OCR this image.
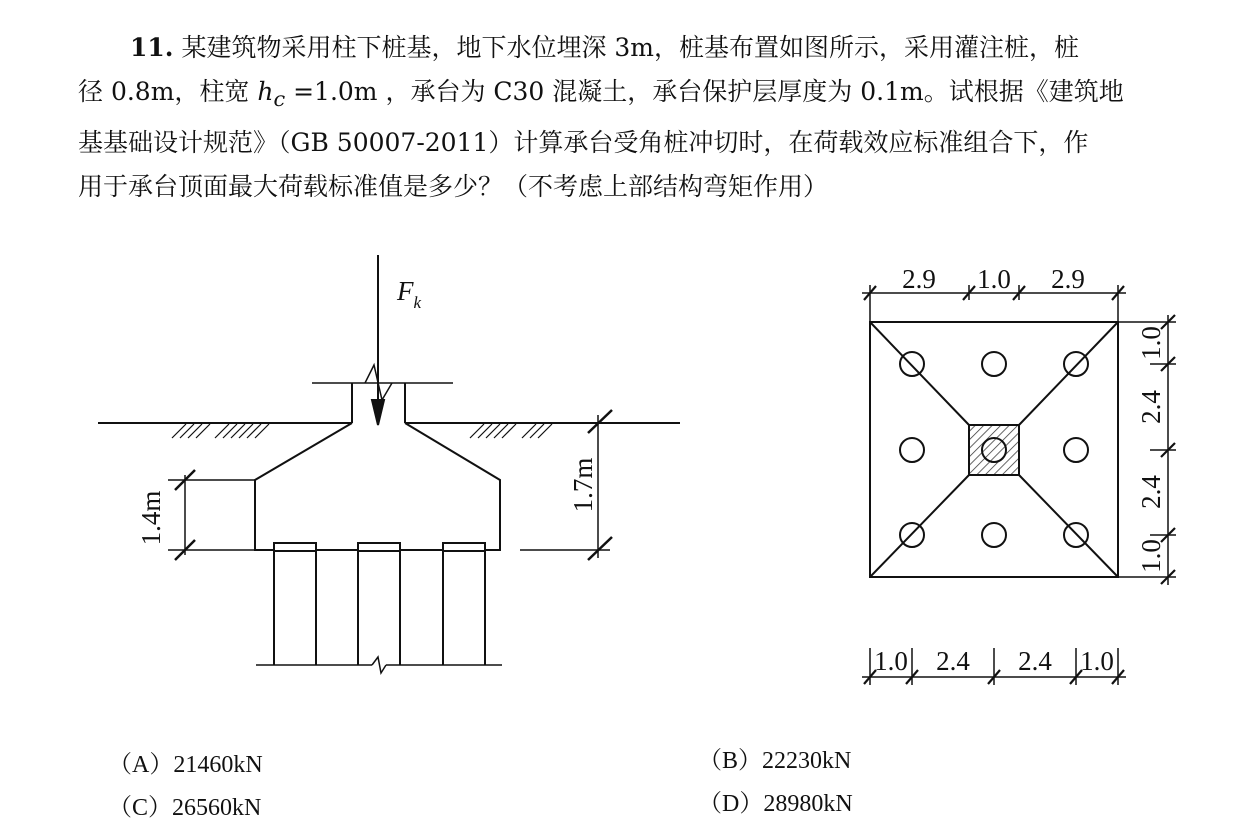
11. 某建筑物采用柱下桩基，地下水位埋深 3m，桩基布置如图所示，采用灌注桩，桩
径 0.8m，柱宽 $h_c =1.0m$ ，承台为 C30 混凝土，承台保护层厚度为 0.1m。试根据《建筑地
基基础设计规范》（GB 50007-2011）计算承台受角桩冲切时，在荷载效应标准组合下，作
用于承台顶面最大荷载标准值是多少？（不考虑上部结构弯矩作用）
$F_k$
1.4m
1.7m
2.9 1.0 2.9
1.0
2.4
2.4
1.0
1.0 2.4 2.4 1.0
（A）21460kN	（B）22230kN
（C）26560kN	（D）28980kN
